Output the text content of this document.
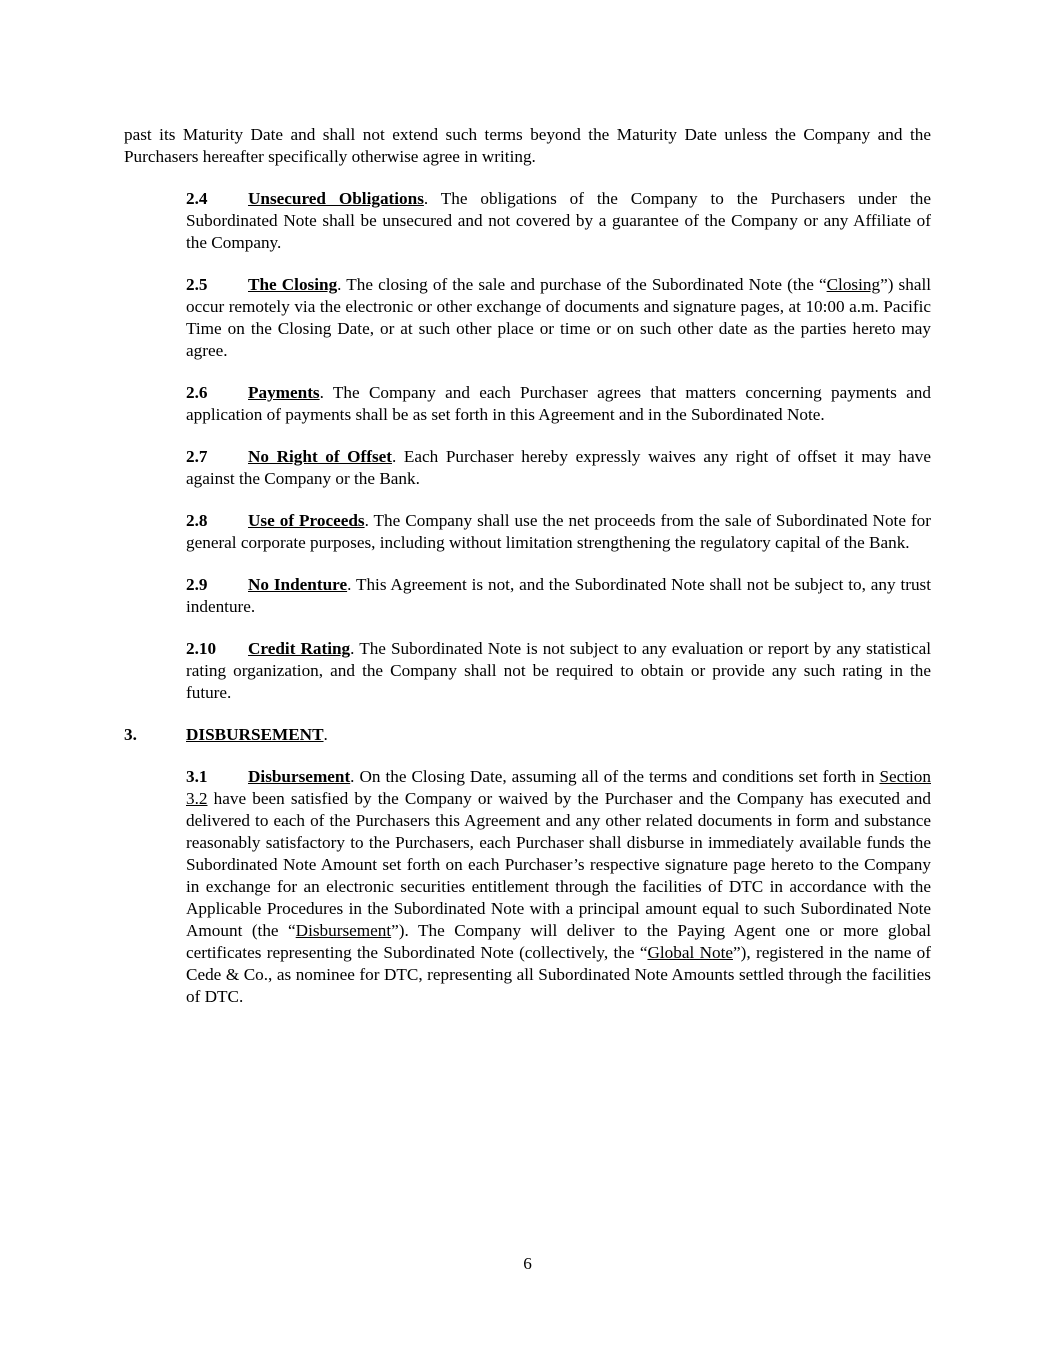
past its Maturity Date and shall not extend such terms beyond the Maturity Date unless the Company and the Purchasers hereafter specifically otherwise agree in writing.

2.4 Unsecured Obligations. The obligations of the Company to the Purchasers under the Subordinated Note shall be unsecured and not covered by a guarantee of the Company or any Affiliate of the Company.

2.5 The Closing. The closing of the sale and purchase of the Subordinated Note (the “Closing”) shall occur remotely via the electronic or other exchange of documents and signature pages, at 10:00 a.m. Pacific Time on the Closing Date, or at such other place or time or on such other date as the parties hereto may agree.

2.6 Payments. The Company and each Purchaser agrees that matters concerning payments and application of payments shall be as set forth in this Agreement and in the Subordinated Note.

2.7 No Right of Offset. Each Purchaser hereby expressly waives any right of offset it may have against the Company or the Bank.

2.8 Use of Proceeds. The Company shall use the net proceeds from the sale of Subordinated Note for general corporate purposes, including without limitation strengthening the regulatory capital of the Bank.

2.9 No Indenture. This Agreement is not, and the Subordinated Note shall not be subject to, any trust indenture.

2.10 Credit Rating. The Subordinated Note is not subject to any evaluation or report by any statistical rating organization, and the Company shall not be required to obtain or provide any such rating in the future.

3.	DISBURSEMENT.

3.1 Disbursement. On the Closing Date, assuming all of the terms and conditions set forth in Section 3.2 have been satisfied by the Company or waived by the Purchaser and the Company has executed and delivered to each of the Purchasers this Agreement and any other related documents in form and substance reasonably satisfactory to the Purchasers, each Purchaser shall disburse in immediately available funds the Subordinated Note Amount set forth on each Purchaser’s respective signature page hereto to the Company in exchange for an electronic securities entitlement through the facilities of DTC in accordance with the Applicable Procedures in the Subordinated Note with a principal amount equal to such Subordinated Note Amount (the “Disbursement”). The Company will deliver to the Paying Agent one or more global certificates representing the Subordinated Note (collectively, the “Global Note”), registered in the name of Cede & Co., as nominee for DTC, representing all Subordinated Note Amounts settled through the facilities of DTC.

6
